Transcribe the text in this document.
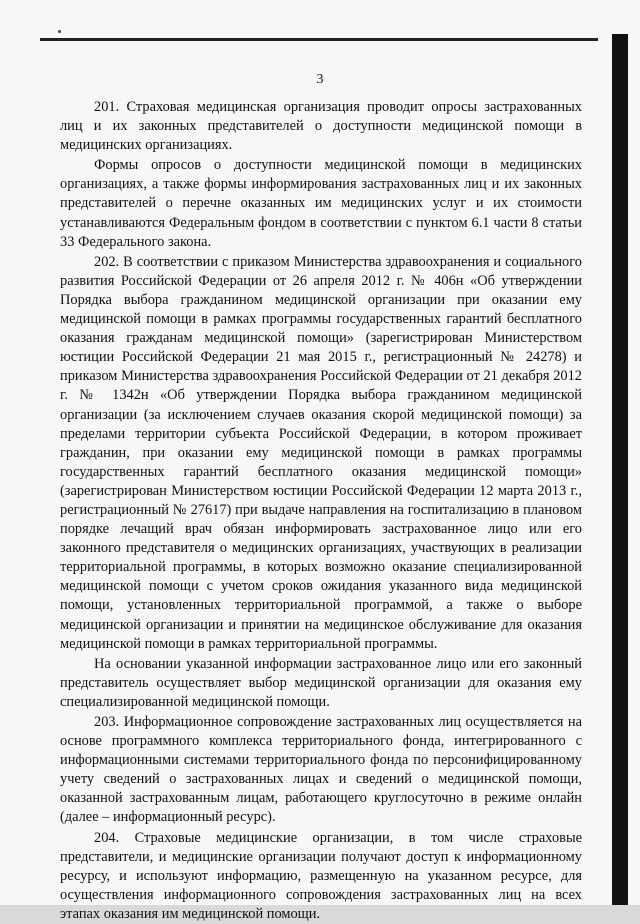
3

201. Страховая медицинская организация проводит опросы застрахованных лиц и их законных представителей о доступности медицинской помощи в медицинских организациях.

Формы опросов о доступности медицинской помощи в медицинских организациях, а также формы информирования застрахованных лиц и их законных представителей о перечне оказанных им медицинских услуг и их стоимости устанавливаются Федеральным фондом в соответствии с пунктом 6.1 части 8 статьи 33 Федерального закона.

202. В соответствии с приказом Министерства здравоохранения и социального развития Российской Федерации от 26 апреля 2012 г. № 406н «Об утверждении Порядка выбора гражданином медицинской организации при оказании ему медицинской помощи в рамках программы государственных гарантий бесплатного оказания гражданам медицинской помощи» (зарегистрирован Министерством юстиции Российской Федерации 21 мая 2015 г., регистрационный № 24278) и приказом Министерства здравоохранения Российской Федерации от 21 декабря 2012 г. № 1342н «Об утверждении Порядка выбора гражданином медицинской организации (за исключением случаев оказания скорой медицинской помощи) за пределами территории субъекта Российской Федерации, в котором проживает гражданин, при оказании ему медицинской помощи в рамках программы государственных гарантий бесплатного оказания медицинской помощи» (зарегистрирован Министерством юстиции Российской Федерации 12 марта 2013 г., регистрационный № 27617) при выдаче направления на госпитализацию в плановом порядке лечащий врач обязан информировать застрахованное лицо или его законного представителя о медицинских организациях, участвующих в реализации территориальной программы, в которых возможно оказание специализированной медицинской помощи с учетом сроков ожидания указанного вида медицинской помощи, установленных территориальной программой, а также о выборе медицинской организации и принятии на медицинское обслуживание для оказания медицинской помощи в рамках территориальной программы.

На основании указанной информации застрахованное лицо или его законный представитель осуществляет выбор медицинской организации для оказания ему специализированной медицинской помощи.

203. Информационное сопровождение застрахованных лиц осуществляется на основе программного комплекса территориального фонда, интегрированного с информационными системами территориального фонда по персонифицированному учету сведений о застрахованных лицах и сведений о медицинской помощи, оказанной застрахованным лицам, работающего круглосуточно в режиме онлайн (далее – информационный ресурс).

204. Страховые медицинские организации, в том числе страховые представители, и медицинские организации получают доступ к информационному ресурсу, и используют информацию, размещенную на указанном ресурсе, для осуществления информационного сопровождения застрахованных лиц на всех этапах оказания им медицинской помощи.
